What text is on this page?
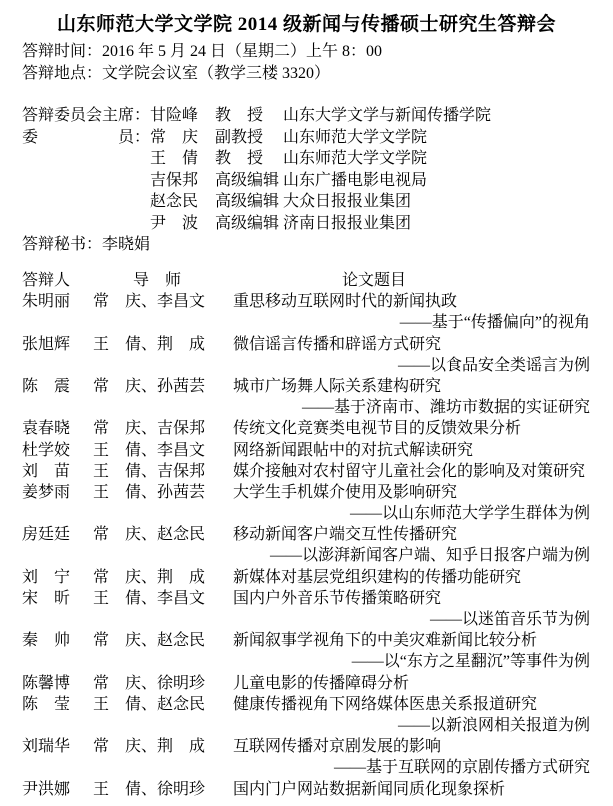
山东师范大学文学院 2014 级新闻与传播硕士研究生答辩会
答辩时间：2016 年 5 月 24 日（星期二）上午 8：00
答辩地点：文学院会议室（教学三楼 3320）
答辩委员会主席： 甘险峰 教　授 山东大学文学与新闻传播学院
委　　　　　员： 常　庆 副教授 山东师范大学文学院
王　倩 教　授 山东师范大学文学院
吉保邦 高级编辑 山东广播电影电视局
赵念民 高级编辑 大众日报报业集团
尹　波 高级编辑 济南日报报业集团
答辩秘书：李晓娟
答辩人	导　师	论文题目
朱明丽 常　庆、李昌文 重思移动互联网时代的新闻执政
——基于“传播偏向”的视角
张旭辉 王　倩、荆　成 微信谣言传播和辟谣方式研究
——以食品安全类谣言为例
陈　震 常　庆、孙茜芸 城市广场舞人际关系建构研究
——基于济南市、潍坊市数据的实证研究
袁春晓 常　庆、吉保邦 传统文化竞赛类电视节目的反馈效果分析
杜学姣 王　倩、李昌文 网络新闻跟帖中的对抗式解读研究
刘　苗 王　倩、吉保邦 媒介接触对农村留守儿童社会化的影响及对策研究
姜梦雨 王　倩、孙茜芸 大学生手机媒介使用及影响研究
——以山东师范大学学生群体为例
房廷廷 常　庆、赵念民 移动新闻客户端交互性传播研究
——以澎湃新闻客户端、知乎日报客户端为例
刘　宁 常　庆、荆　成 新媒体对基层党组织建构的传播功能研究
宋　昕 王　倩、李昌文 国内户外音乐节传播策略研究
——以迷笛音乐节为例
秦　帅 常　庆、赵念民 新闻叙事学视角下的中美灾难新闻比较分析
——以“东方之星翻沉”等事件为例
陈馨博 常　庆、徐明珍 儿童电影的传播障碍分析
陈　莹 王　倩、赵念民 健康传播视角下网络媒体医患关系报道研究
——以新浪网相关报道为例
刘瑞华 常　庆、荆　成 互联网传播对京剧发展的影响
——基于互联网的京剧传播方式研究
尹洪娜 王　倩、徐明珍 国内门户网站数据新闻同质化现象探析
